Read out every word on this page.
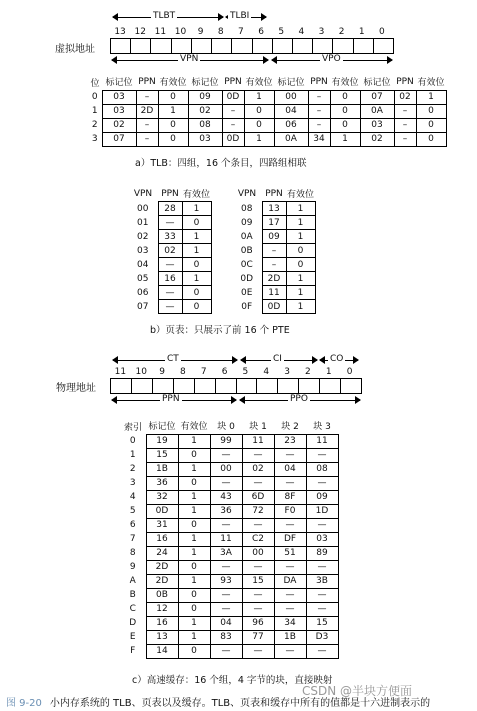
TLBT	TLBI
13 12 11 10	9	8	7	6	5	4	3	2	1	0
虚拟地址
VPN	VPO
位	标记位	PPN	有效位	标记位	PPN	有效位	标记位	PPN	有效位	标记位	PPN	有效位
0	03	–	0	09	0D	1	00	–	0	07	02	1
1	03	2D	1	02	–	0	04	–	0	0A	–	0
2	02	–	0	08	–	0	06	–	0	03	–	0
3	07	–	0	03	0D	1	0A	34	1	02	–	0
a）TLB：四组，16 个条目，四路组相联
VPN	PPN	有效位
00	28	1
01	—	0
02	33	1
03	02	1
04	—	0
05	16	1
06	—	0
07	—	0
VPN	PPN	有效位
08	13	1
09	17	1
0A	09	1
0B	–	0
0C	–	0
0D	2D	1
0E	11	1
0F	0D	1
b）页表：只展示了前 16 个 PTE
CT	CI	CO
11	10	9	8	7	6	5	4	3	2	1	0
物理地址
PPN	PPO
索引	标记位	有效位	块 0	块 1	块 2	块 3
0	19	1	99	11	23	11
1	15	0	—	—	—	—
2	1B	1	00	02	04	08
3	36	0	—	—	—	—
4	32	1	43	6D	8F	09
5	0D	1	36	72	F0	1D
6	31	0	—	—	—	—
7	16	1	11	C2	DF	03
8	24	1	3A	00	51	89
9	2D	0	—	—	—	—
A	2D	1	93	15	DA	3B
B	0B	0	—	—	—	—
C	12	0	—	—	—	—
D	16	1	04	96	34	15
E	13	1	83	77	1B	D3
F	14	0	—	—	—	—
c）高速缓存：16 个组，4 字节的块，直接映射
图 9-20 小内存系统的 TLB、页表以及缓存。TLB、页表和缓存中所有的值都是十六进制表示的
CSDN @半块方便面
